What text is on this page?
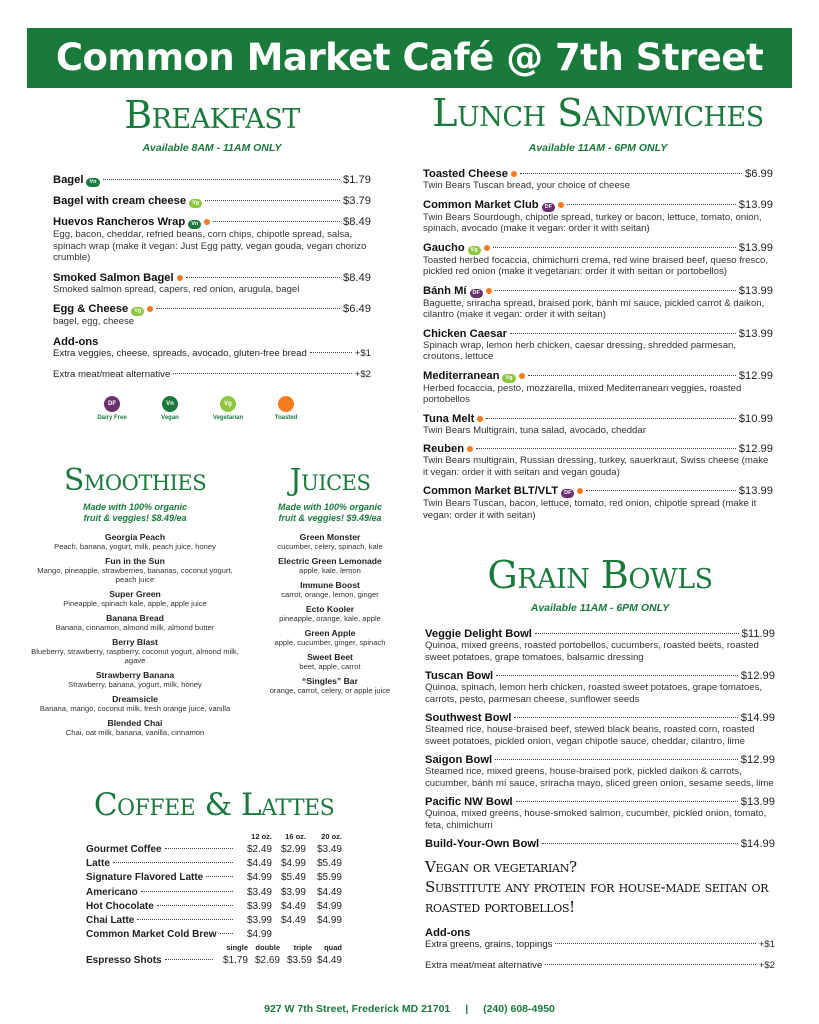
Common Market Café @ 7th Street
Breakfast
Available 8AM - 11AM ONLY
Bagel	Vn	$1.79
Bagel with cream cheese	Vg	$3.79
Huevos Rancheros Wrap	Vn	$8.49
Egg, bacon, cheddar, refried beans, corn chips, chipotle spread, salsa, spinach wrap (make it vegan: Just Egg patty, vegan gouda, vegan chorizo crumble)
Smoked Salmon Bagel	$8.49
Smoked salmon spread, capers, red onion, arugula, bagel
Egg & Cheese	Vg	$6.49
bagel, egg, cheese
Add-ons
Extra veggies, cheese, spreads, avocado, gluten-free bread	+$1
Extra meat/meat alternative	+$2
DF
Dairy Free
Vn
Vegan
Vg
Vegetarian	Toasted
Smoothies
Made with 100% organic
fruit & veggies! $8.49/ea
Georgia Peach
Peach, banana, yogurt, milk, peach juice, honey
Fun in the Sun
Mango, pineapple, strawberries, bananas, coconut yogurt, peach juice
Super Green
Pineapple, spinach kale, apple, apple juice
Banana Bread
Banana, cinnamon, almond milk, almond butter
Berry Blast
Blueberry, strawberry, raspberry, coconut yogurt, almond milk, agave
Strawberry Banana
Strawberry, banana, yogurt, milk, honey
Dreamsicle
Banana, mango, coconut milk, fresh orange juice, vanilla
Blended Chai
Chai, oat milk, banana, vanilla, cinnamon
Juices
Made with 100% organic
fruit & veggies! $9.49/ea
Green Monster
cucumber, celery, spinach, kale
Electric Green Lemonade
apple, kale, lemon
Immune Boost
carrot, orange, lemon, ginger
Ecto Kooler
pineapple, orange, kale, apple
Green Apple
apple, cucumber, ginger, spinach
Sweet Beet
beet, apple, carrot
“Singles” Bar
orange, carrot, celery, or apple juice
Coffee & Lattes
12 oz.	16 oz.	20 oz.
Gourmet Coffee	$2.49 $2.99	$3.49
Latte	$4.49 $4.99	$5.49
Signature Flavored Latte	$4.99 $5.49	$5.99
Americano	$3.49 $3.99	$4.49
Hot Chocolate	$3.99 $4.49	$4.99
Chai Latte	$3.99 $4.49	$4.99
Common Market Cold Brew	$4.99
single double	triple	quad
Espresso Shots	$1.79 $2.69 $3.59 $4.49
Lunch Sandwiches
Available 11AM - 6PM ONLY
Toasted Cheese	$6.99
Twin Bears Tuscan bread, your choice of cheese
Common Market Club	DF	$13.99
Twin Bears Sourdough, chipotle spread, turkey or bacon, lettuce, tomato, onion, spinach, avocado (make it vegan: order it with seitan)
Gaucho	Vg	$13.99
Toasted herbed focaccia, chimichurri crema, red wine braised beef, queso fresco, pickled red onion (make it vegetarian: order it with seitan or portobellos)
Bánh Mí	DF	$13.99
Baguette, sriracha spread, braised pork, bánh mí sauce, pickled carrot & daikon, cilantro (make it vegan: order it with seitan)
Chicken Caesar	$13.99
Spinach wrap, lemon herb chicken, caesar dressing, shredded parmesan, croutons, lettuce
Mediterranean	Vg	$12.99
Herbed focaccia, pesto, mozzarella, mixed Mediterranean veggies, roasted portobellos
Tuna Melt	$10.99
Twin Bears Multigrain, tuna salad, avocado, cheddar
Reuben	$12.99
Twin Bears multigrain, Russian dressing, turkey, sauerkraut, Swiss cheese (make it vegan: order it with seitan and vegan gouda)
Common Market BLT/VLT	DF	$13.99
Twin Bears Tuscan, bacon, lettuce, tomato, red onion, chipotle spread (make it vegan: order it with seitan)
Grain Bowls
Available 11AM - 6PM ONLY
Veggie Delight Bowl	$11.99
Quinoa, mixed greens, roasted portobellos, cucumbers, roasted beets, roasted sweet potatoes, grape tomatoes, balsamic dressing
Tuscan Bowl	$12.99
Quinoa, spinach, lemon herb chicken, roasted sweet potatoes, grape tomatoes, carrots, pesto, parmesan cheese, sunflower seeds
Southwest Bowl	$14.99
Steamed rice, house-braised beef, stewed black beans, roasted corn, roasted sweet potatoes, pickled onion, vegan chipotle sauce, cheddar, cilantro, lime
Saigon Bowl	$12.99
Steamed rice, mixed greens, house-braised pork, pickled daikon & carrots, cucumber, bánh mí sauce, sriracha mayo, sliced green onion, sesame seeds, lime
Pacific NW Bowl	$13.99
Quinoa, mixed greens, house-smoked salmon, cucumber, pickled onion, tomato, feta, chimichurri
Build-Your-Own Bowl	$14.99
Vegan or vegetarian?
Substitute any protein for house-made seitan or roasted portobellos!
Add-ons
Extra greens, grains, toppings	+$1
Extra meat/meat alternative	+$2
927 W 7th Street, Frederick MD 21701 | (240) 608-4950
